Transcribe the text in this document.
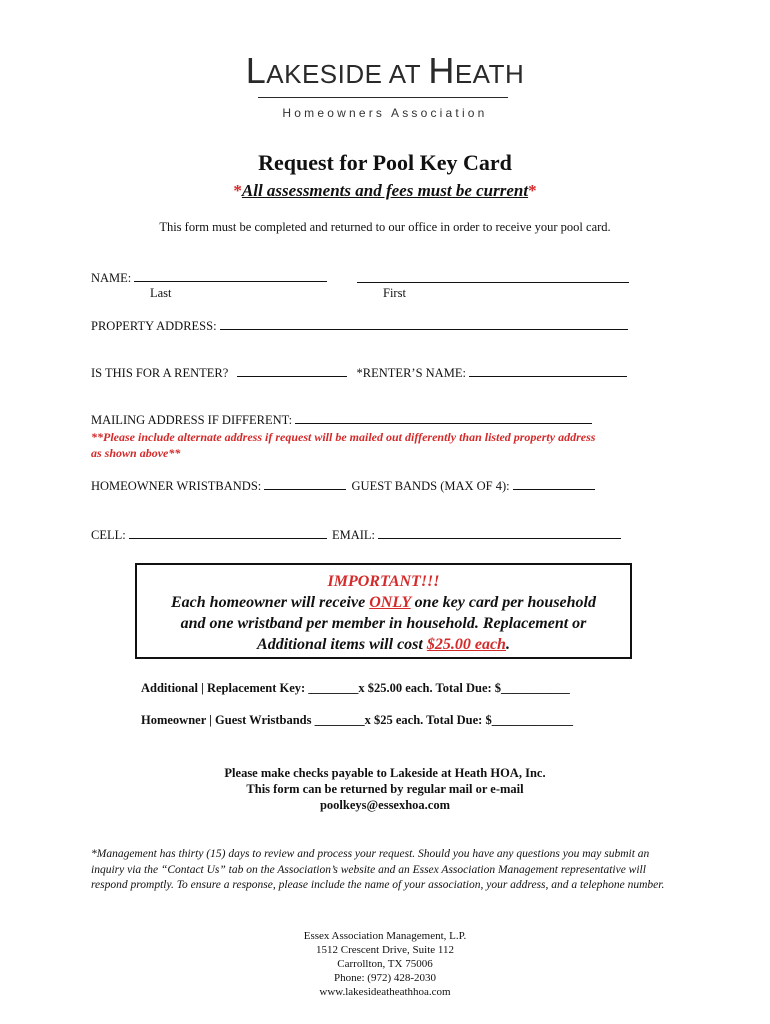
LAKESIDE AT HEATH
Homeowners Association
Request for Pool Key Card
*All assessments and fees must be current*
This form must be completed and returned to our office in order to receive your pool card.
NAME:
Last	First
PROPERTY ADDRESS:
IS THIS FOR A RENTER?	*RENTER’S NAME:
MAILING ADDRESS IF DIFFERENT:
**Please include alternate address if request will be mailed out differently than listed property address
as shown above**
HOMEOWNER WRISTBANDS:	GUEST BANDS (MAX OF 4):
CELL:	EMAIL:
IMPORTANT!!!
Each homeowner will receive ONLY one key card per household
and one wristband per member in household. Replacement or
Additional items will cost $25.00 each.
Additional | Replacement Key: ________x $25.00 each. Total Due: $___________
Homeowner | Guest Wristbands ________x $25 each. Total Due: $_____________
Please make checks payable to Lakeside at Heath HOA, Inc.
This form can be returned by regular mail or e-mail
poolkeys@essexhoa.com
*Management has thirty (15) days to review and process your request. Should you have any questions you may submit an inquiry via the “Contact Us” tab on the Association’s website and an Essex Association Management representative will respond promptly. To ensure a response, please include the name of your association, your address, and a telephone number.
Essex Association Management, L.P.
1512 Crescent Drive, Suite 112
Carrollton, TX 75006
Phone: (972) 428-2030
www.lakesideatheathhoa.com
